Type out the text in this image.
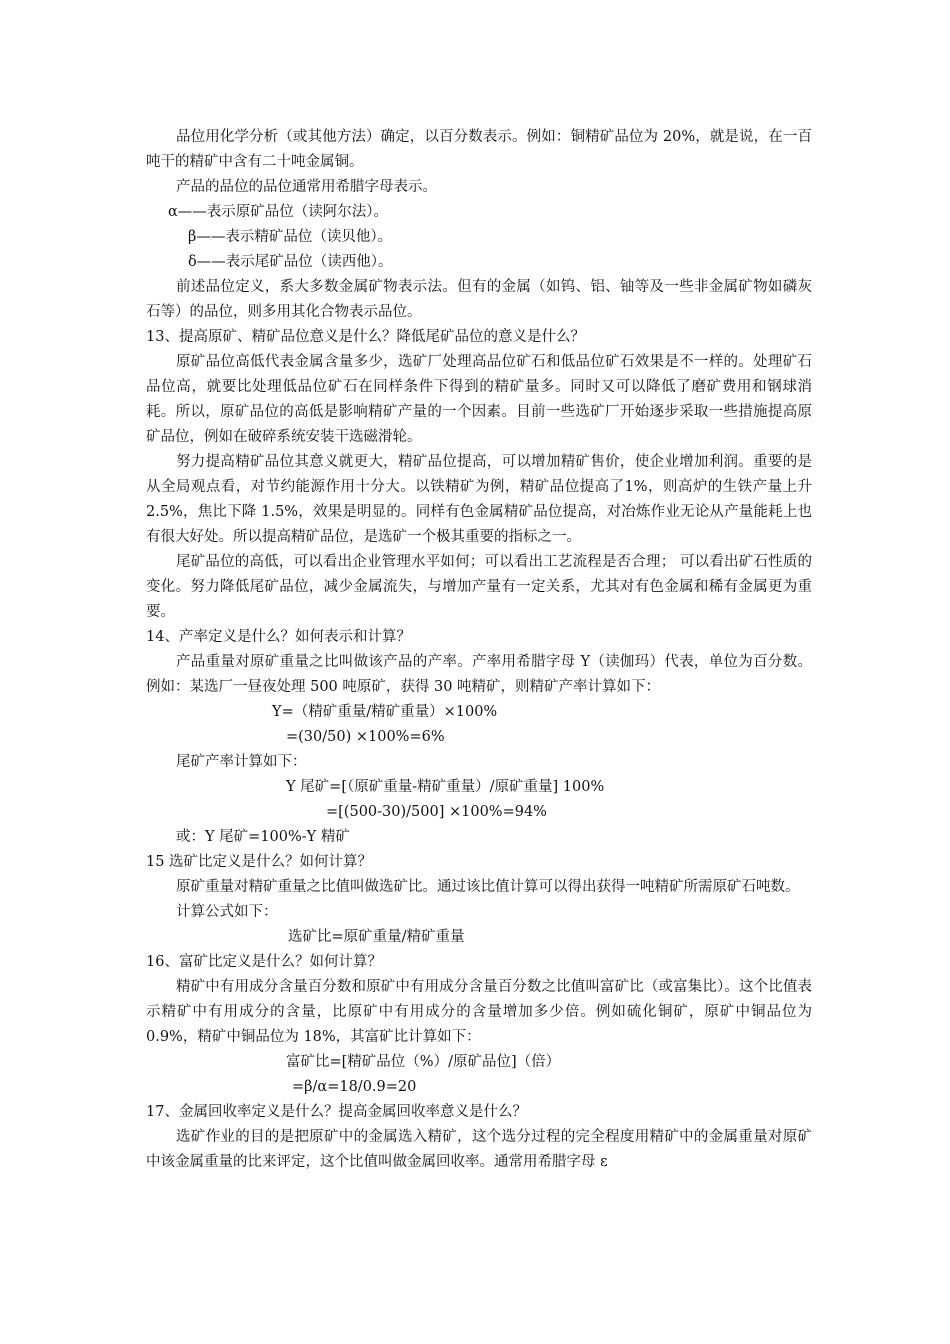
品位用化学分析（或其他方法）确定，以百分数表示。例如：铜精矿品位为 20%，就是说，在一百吨干的精矿中含有二十吨金属铜。

产品的品位的品位通常用希腊字母表示。

α——表示原矿品位（读阿尔法）。

β——表示精矿品位（读贝他）。

δ——表示尾矿品位（读西他）。

前述品位定义，系大多数金属矿物表示法。但有的金属（如钨、铝、铀等及一些非金属矿物如磷灰石等）的品位，则多用其化合物表示品位。

13、提高原矿、精矿品位意义是什么？降低尾矿品位的意义是什么？

原矿品位高低代表金属含量多少，选矿厂处理高品位矿石和低品位矿石效果是不一样的。处理矿石品位高，就要比处理低品位矿石在同样条件下得到的精矿量多。同时又可以降低了磨矿费用和钢球消耗。所以，原矿品位的高低是影响精矿产量的一个因素。目前一些选矿厂开始逐步采取一些措施提高原矿品位，例如在破碎系统安装干选磁滑轮。

努力提高精矿品位其意义就更大，精矿品位提高，可以增加精矿售价，使企业增加利润。重要的是从全局观点看，对节约能源作用十分大。以铁精矿为例，精矿品位提高了1%，则高炉的生铁产量上升 2.5%，焦比下降 1.5%，效果是明显的。同样有色金属精矿品位提高，对冶炼作业无论从产量能耗上也有很大好处。所以提高精矿品位，是选矿一个极其重要的指标之一。

尾矿品位的高低，可以看出企业管理水平如何；可以看出工艺流程是否合理； 可以看出矿石性质的变化。努力降低尾矿品位，减少金属流失，与增加产量有一定关系，尤其对有色金属和稀有金属更为重要。

14、产率定义是什么？如何表示和计算？

产品重量对原矿重量之比叫做该产品的产率。产率用希腊字母 Υ（读伽玛）代表，单位为百分数。例如：某选厂一昼夜处理 500 吨原矿，获得 30 吨精矿，则精矿产率计算如下：

Υ=（精矿重量/精矿重量）×100%

=(30/50) ×100%=6%

尾矿产率计算如下：

Υ 尾矿=[（原矿重量-精矿重量）/原矿重量] 100%

=[(500-30)/500] ×100%=94%

或：Υ 尾矿=100%-Υ 精矿

15 选矿比定义是什么？如何计算？

原矿重量对精矿重量之比值叫做选矿比。通过该比值计算可以得出获得一吨精矿所需原矿石吨数。

计算公式如下：

选矿比=原矿重量/精矿重量

16、富矿比定义是什么？如何计算？

精矿中有用成分含量百分数和原矿中有用成分含量百分数之比值叫富矿比（或富集比）。这个比值表示精矿中有用成分的含量，比原矿中有用成分的含量增加多少倍。例如硫化铜矿，原矿中铜品位为 0.9%，精矿中铜品位为 18%，其富矿比计算如下：

富矿比=[精矿品位（%）/原矿品位]（倍）

=β/α=18/0.9=20

17、金属回收率定义是什么？提高金属回收率意义是什么？

选矿作业的目的是把原矿中的金属选入精矿，这个选分过程的完全程度用精矿中的金属重量对原矿中该金属重量的比来评定，这个比值叫做金属回收率。通常用希腊字母 ε
